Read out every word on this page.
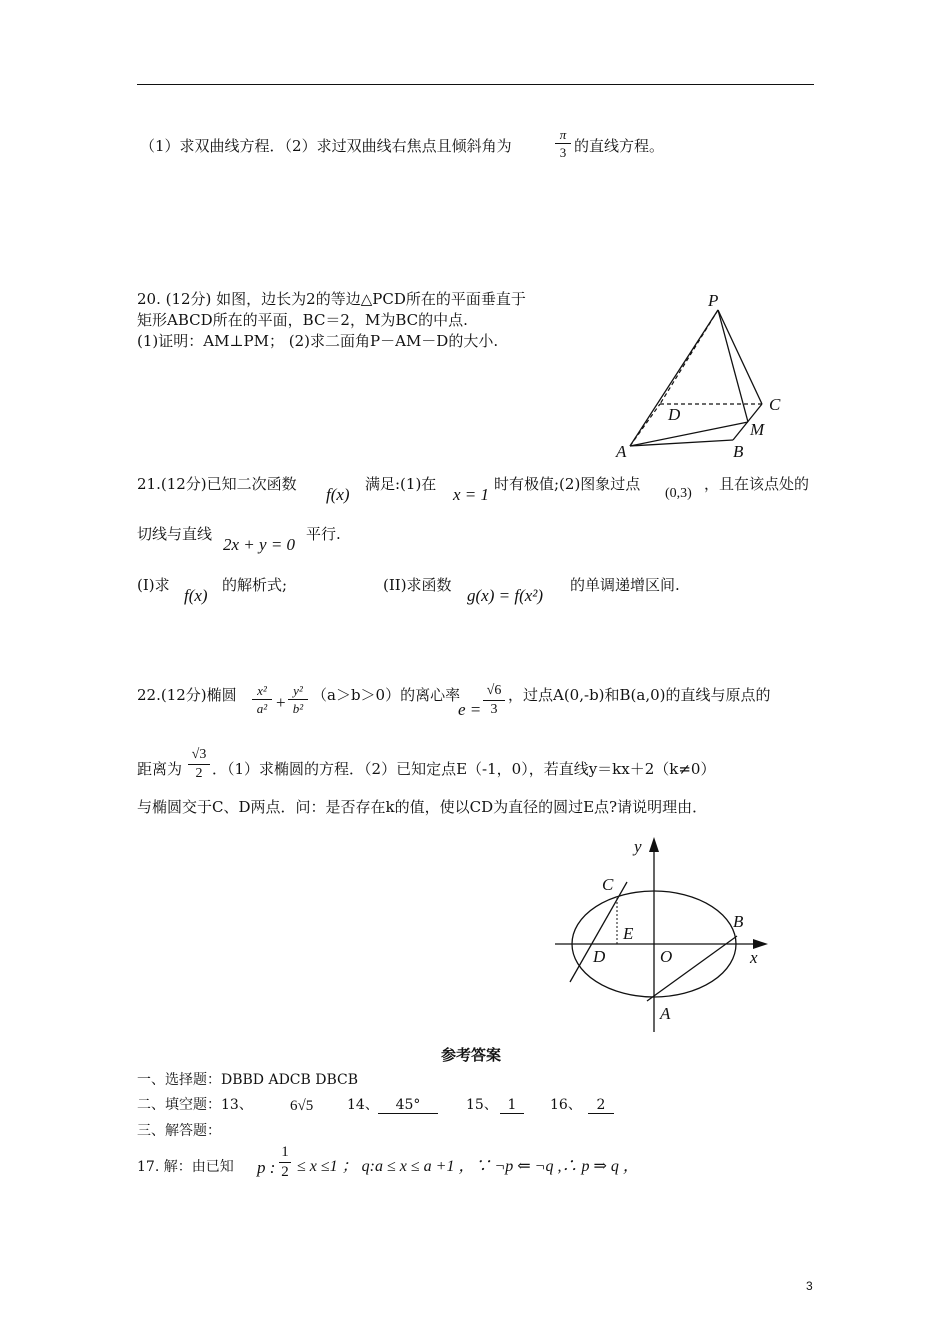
（1）求双曲线方程．（2）求过双曲线右焦点且倾斜角为
π
3 的直线方程。
20. (12分) 如图，边长为2的等边△PCD所在的平面垂直于
矩形ABCD所在的平面，BC＝2，M为BC的中点.
(1)证明：AM⊥PM； (2)求二面角P－AM－D的大小.
P
C
D
M
A	B
21.(12分)已知二次函数
f(x)
满足:(1)在
x = 1
时有极值;(2)图象过点
(0,3)
，且在该点处的
切线与直线
2x + y = 0
平行.
(I)求
f(x)
的解析式;	(II)求函数
g(x) = f(x²)
的单调递增区间.
22.(12分)椭圆	x²
a² +
y²
b²
（a＞b＞0）的离心率
e =
√6
3
，过点A(0,-b)和B(a,0)的直线与原点的
距离为
√3
2 ．（1）求椭圆的方程．（2）已知定点E（-1，0），若直线y＝kx＋2（k≠0）
与椭圆交于C、D两点．问：是否存在k的值，使以CD为直径的圆过E点?请说明理由．
y
x
C
B
E
D	O
A
参考答案
一、选择题：DBBD ADCB DBCB
二、填空题：13、 6√5 14、	45°	15、 1	16、	2
三、解答题：
17. 解：由已知 p :
1
2 ≤ x ≤1 ； q:a ≤ x ≤ a +1 ，∵ ¬p ⇐ ¬q ,∴ p ⇒ q ，
3
